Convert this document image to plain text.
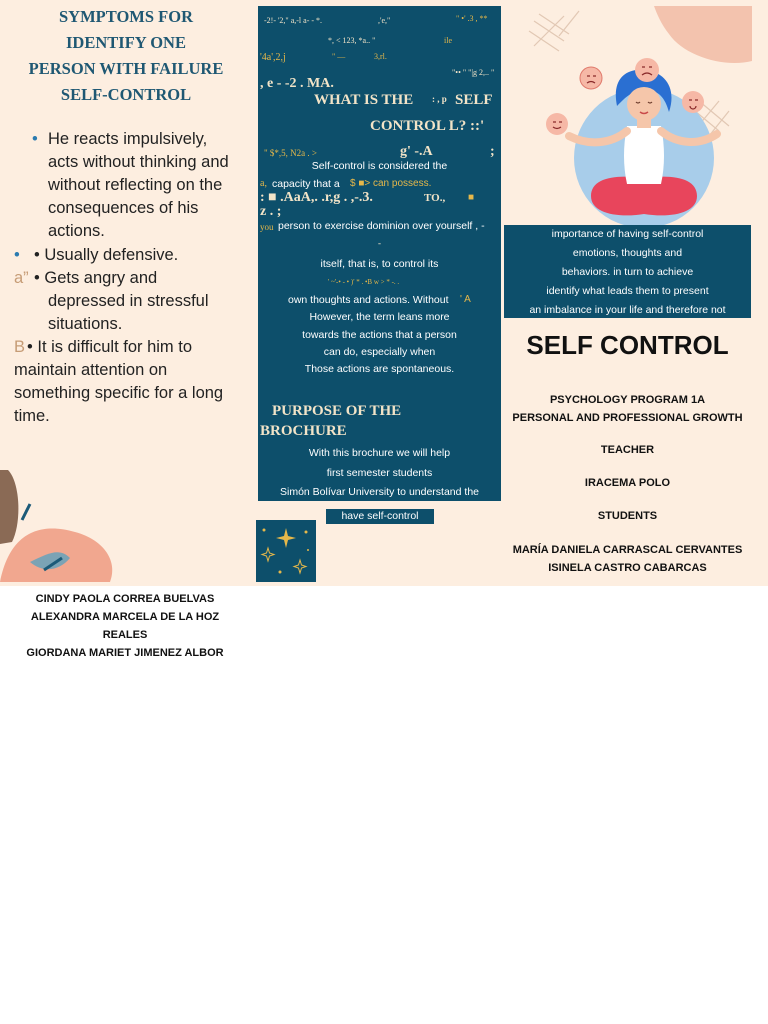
SYMPTOMS FOR
IDENTIFY ONE
PERSON WITH FAILURE
SELF-CONTROL
• He reacts impulsively,
acts without thinking and
without reflecting on the
consequences of his
actions.
• • Usually defensive.
a” • Gets angry and
depressed in stressful
situations.
B • It is difficult for him to
maintain attention on
something specific for a long
time.
CINDY PAOLA CORREA BUELVAS
ALEXANDRA MARCELA DE LA HOZ
REALES
GIORDANA MARIET JIMENEZ ALBOR
-2!- '2," a,-l a- - *.	,'e,"	" •' .3 , **
*, < 123, *a.. "	ile
'4a',2,j	" —	3,rl.
"•• " "|g 2,.. "
, e - -2 . MA.
WHAT IS THE : , p SELF
CONTROL L? ::'
" $*,5, N2a . >	g' -.A	;
Self-control is considered the
a, capacity that a	$ ■> can possess.
: ■ .AaA,. .r,g . ,-.3.	TO., ■
z . ;
you person to exercise dominion over yourself , -
-
itself, that is, to control its
' ~'-• - • )' * . •B w > * -. .
own thoughts and actions. Without	' A
However, the term leans more
towards the actions that a person
can do, especially when
Those actions are spontaneous.
PURPOSE OF THE
BROCHURE
With this brochure we will help
first semester students
Simón Bolívar University to understand the
have self-control
importance of having self-control
emotions, thoughts and
behaviors. in turn to achieve
identify what leads them to present
an imbalance in your life and therefore not
SELF CONTROL
PSYCHOLOGY PROGRAM 1A
PERSONAL AND PROFESSIONAL GROWTH
TEACHER
IRACEMA POLO
STUDENTS
MARÍA DANIELA CARRASCAL CERVANTES
ISINELA CASTRO CABARCAS
